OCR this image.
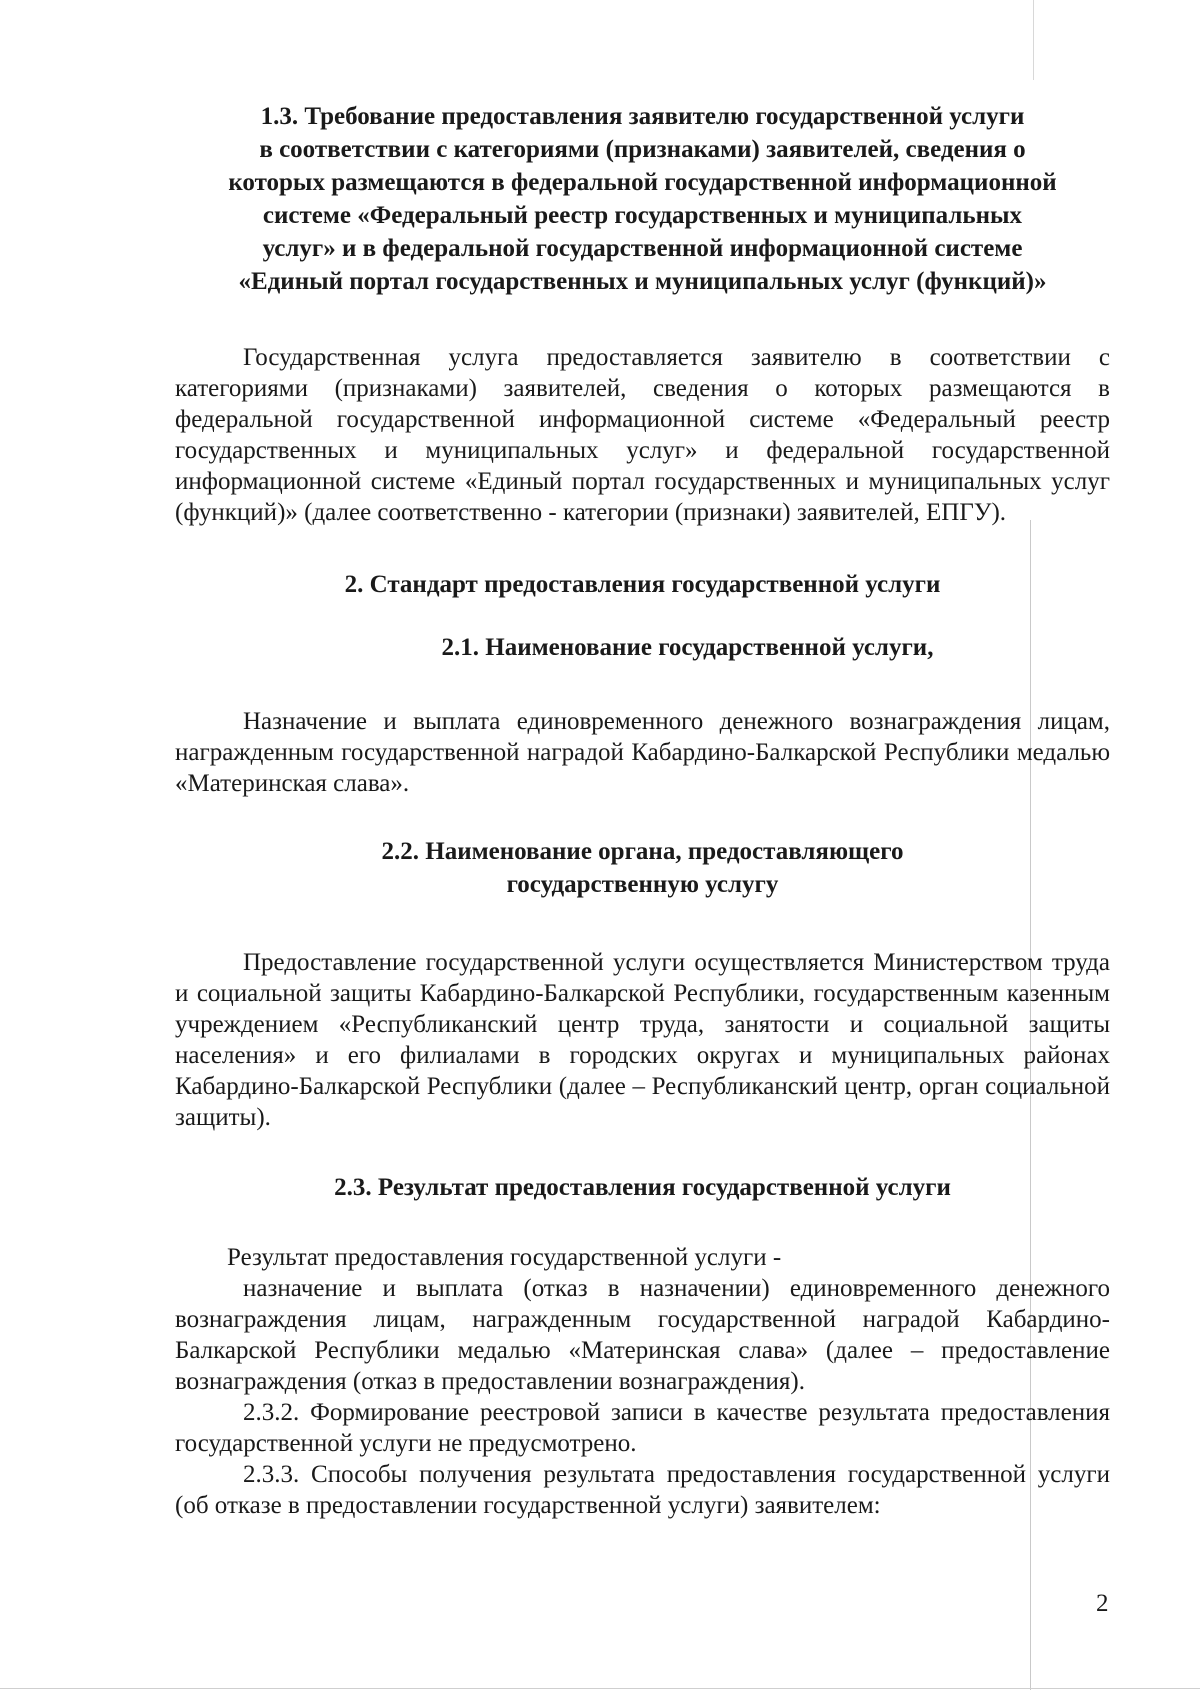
1.3. Требование предоставления заявителю государственной услуги
в соответствии с категориями (признаками) заявителей, сведения о
которых размещаются в федеральной государственной информационной
системе «Федеральный реестр государственных и муниципальных
услуг» и в федеральной государственной информационной системе
«Единый портал государственных и муниципальных услуг (функций)»

Государственная услуга предоставляется заявителю в соответствии с категориями (признаками) заявителей, сведения о которых размещаются в федеральной государственной информационной системе «Федеральный реестр государственных и муниципальных услуг» и федеральной государственной информационной системе «Единый портал государственных и муниципальных услуг (функций)» (далее соответственно - категории (признаки) заявителей, ЕПГУ).

2. Стандарт предоставления государственной услуги
2.1. Наименование государственной услуги,

Назначение и выплата единовременного денежного вознаграждения лицам, награжденным государственной наградой Кабардино-Балкарской Республики медалью «Материнская слава».

2.2. Наименование органа, предоставляющего
государственную услугу

Предоставление государственной услуги осуществляется Министерством труда и социальной защиты Кабардино-Балкарской Республики, государственным казенным учреждением «Республиканский центр труда, занятости и социальной защиты населения» и его филиалами в городских округах и муниципальных районах Кабардино-Балкарской Республики (далее – Республиканский центр, орган социальной защиты).

2.3. Результат предоставления государственной услуги

Результат предоставления государственной услуги -

назначение и выплата (отказ в назначении) единовременного денежного вознаграждения лицам, награжденным государственной наградой Кабардино-Балкарской Республики медалью «Материнская слава» (далее – предоставление вознаграждения (отказ в предоставлении вознаграждения).

2.3.2. Формирование реестровой записи в качестве результата предоставления государственной услуги не предусмотрено.

2.3.3. Способы получения результата предоставления государственной услуги (об отказе в предоставлении государственной услуги) заявителем:

2
